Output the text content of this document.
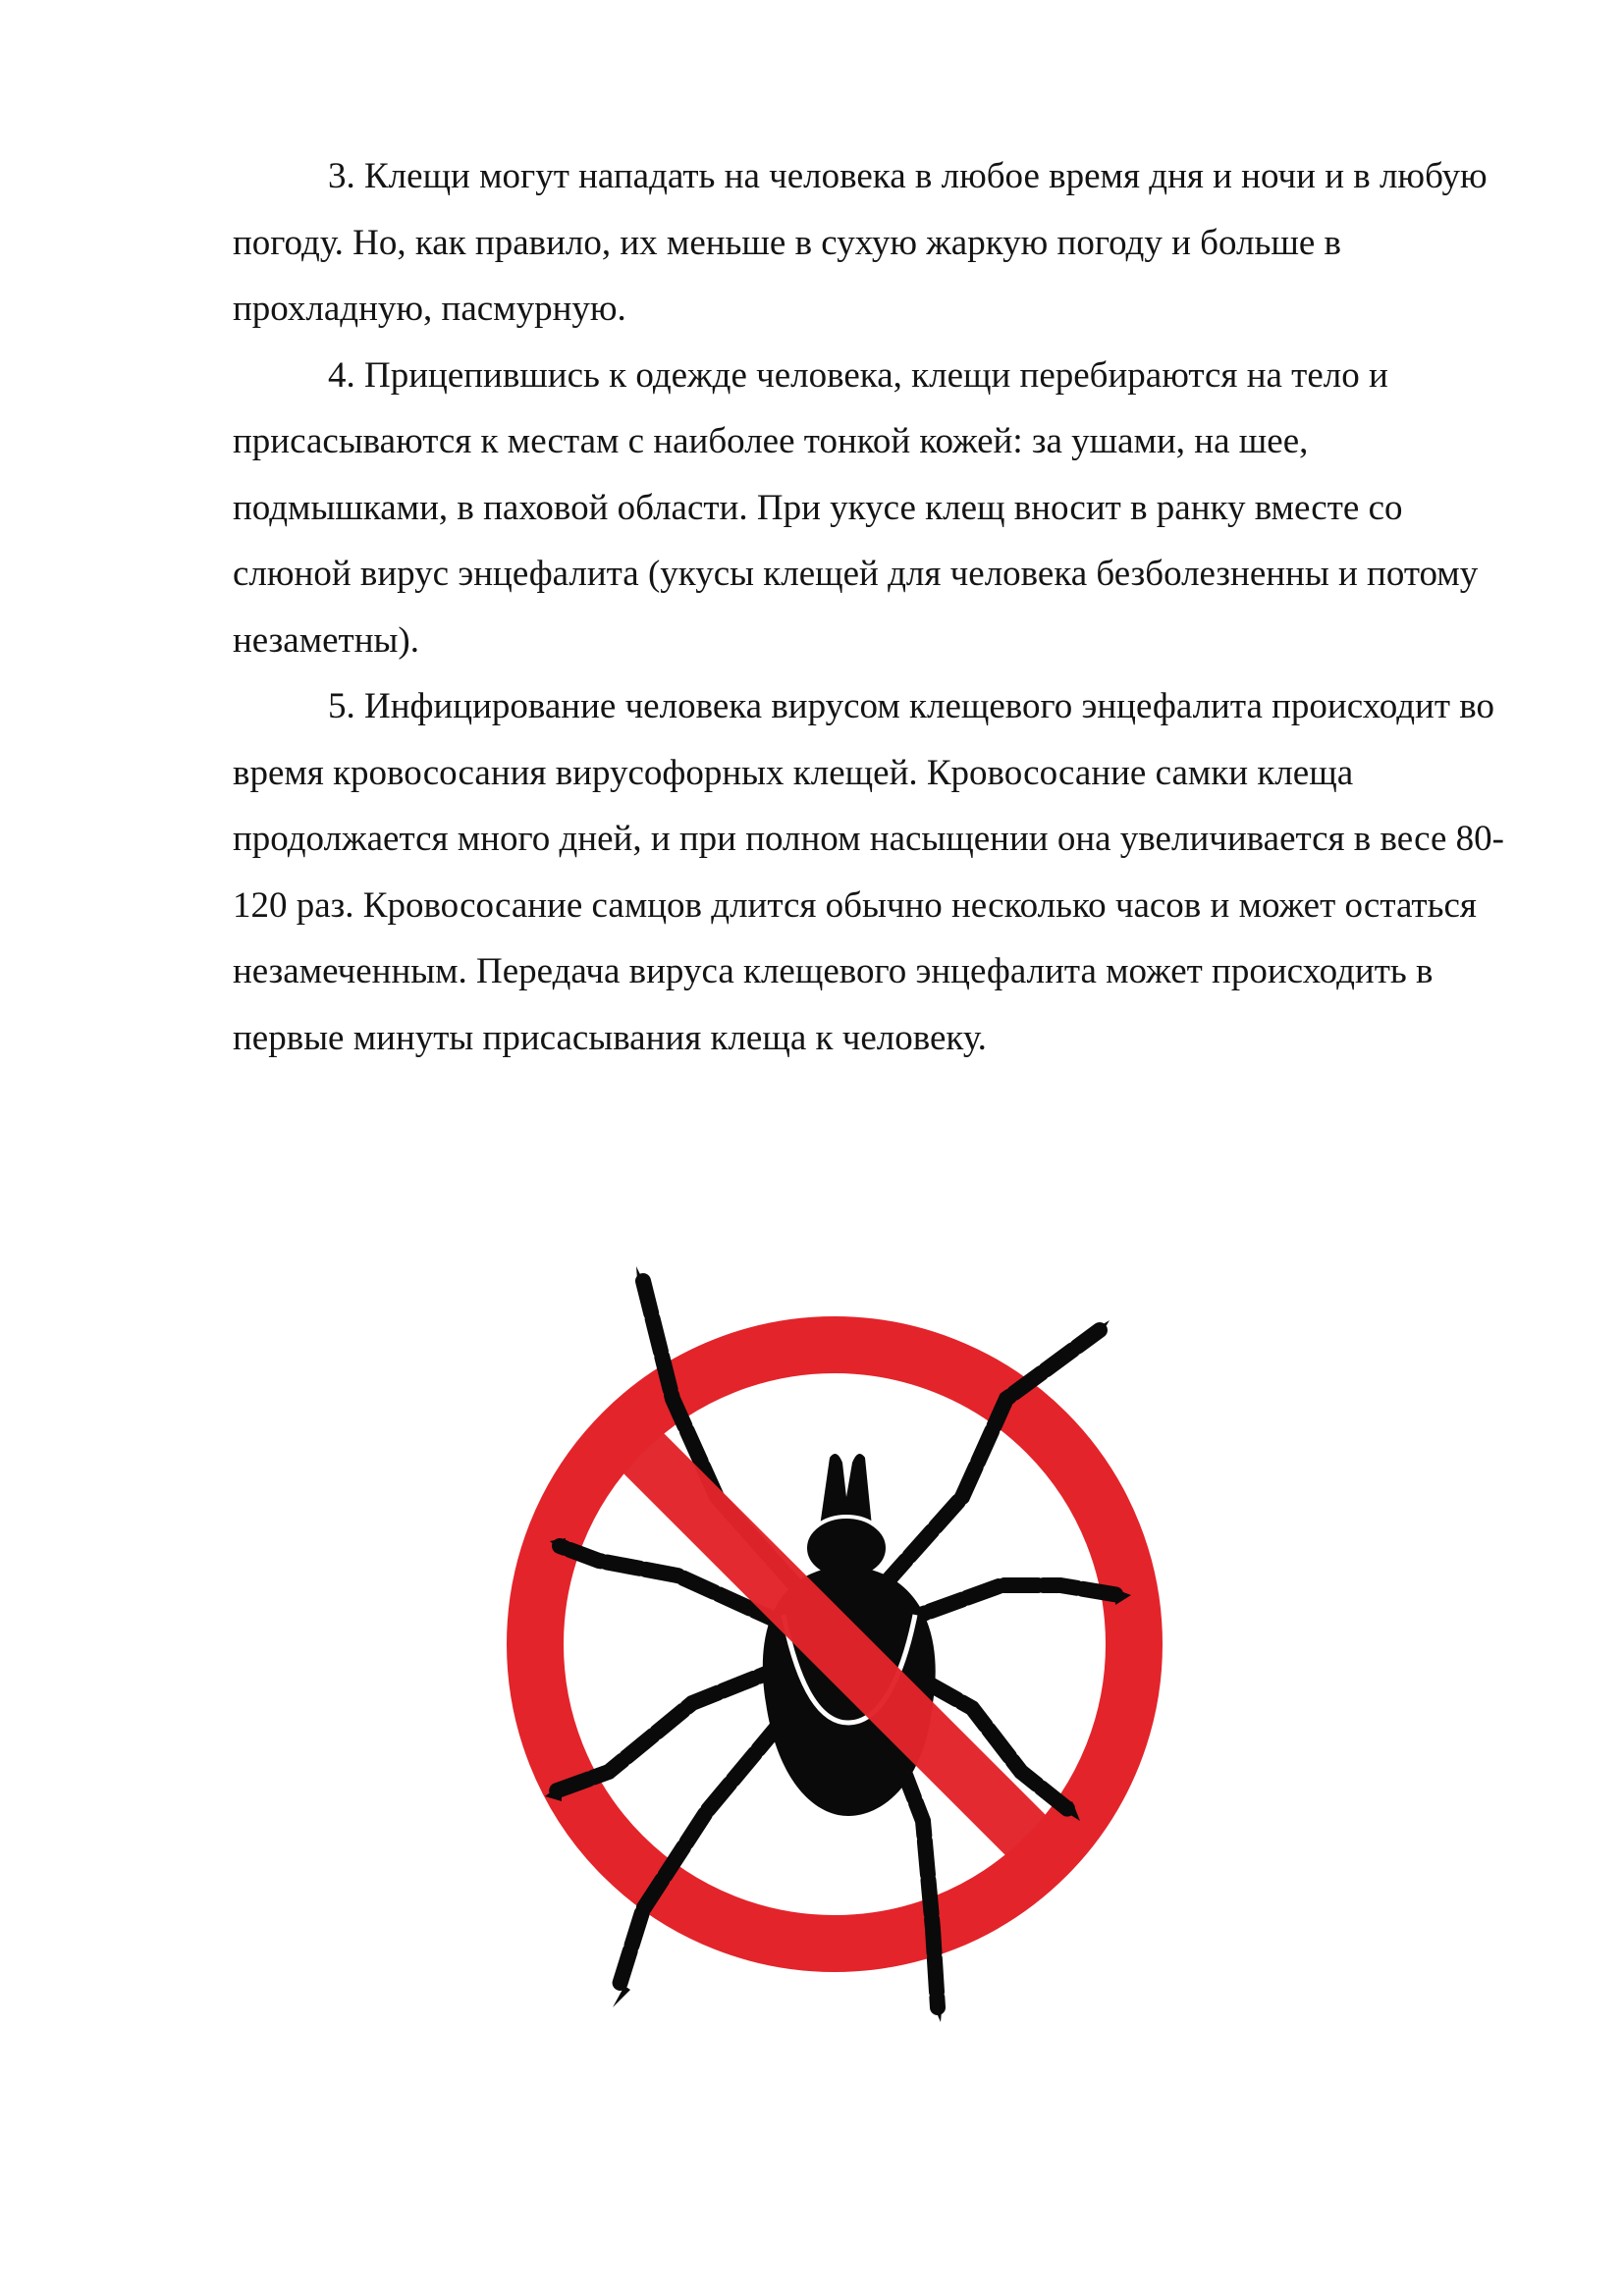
3. Клещи могут нападать на человека в любое время дня и ночи и в любую погоду. Но, как правило, их меньше в сухую жаркую погоду и больше в прохладную, пасмурную.

4. Прицепившись к одежде человека, клещи перебираются на тело и присасываются к местам с наиболее тонкой кожей: за ушами, на шее, подмышками, в паховой области. При укусе клещ вносит в ранку вместе со слюной вирус энцефалита (укусы клещей для человека безболезненны и потому незаметны).

5. Инфицирование человека вирусом клещевого энцефалита происходит во время кровососания вирусофорных клещей. Кровососание самки клеща продолжается много дней, и при полном насыщении она увеличивается в весе 80-120 раз. Кровососание самцов длится обычно несколько часов и может остаться незамеченным. Передача вируса клещевого энцефалита может происходить в первые минуты присасывания клеща к человеку.
